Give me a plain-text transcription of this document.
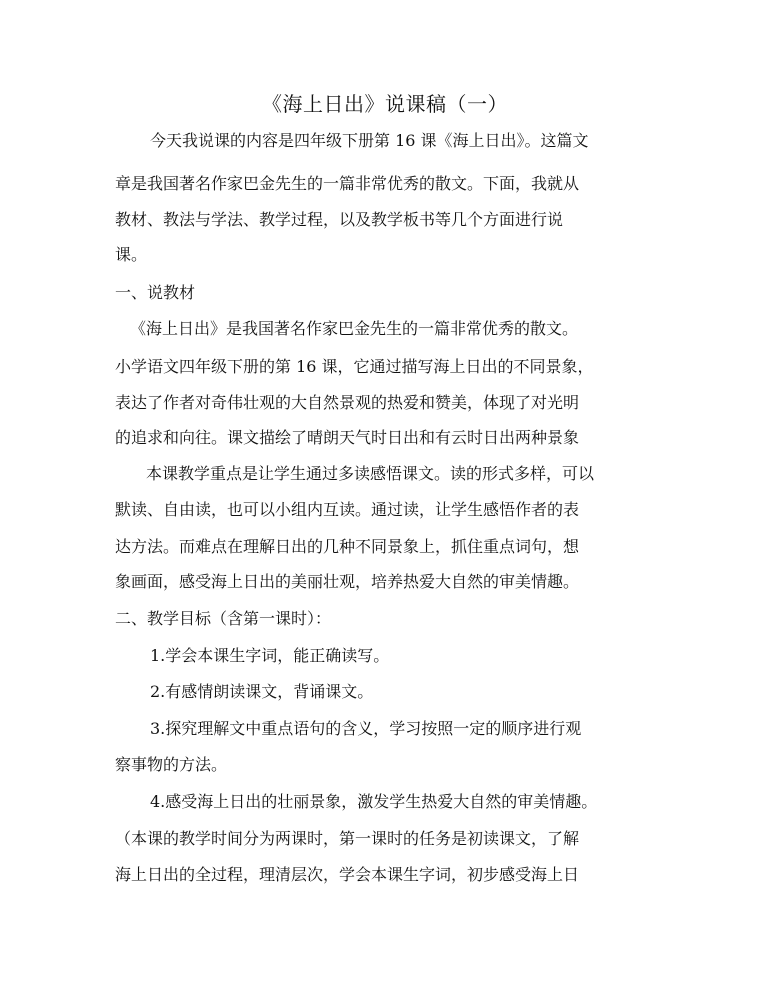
《海上日出》说课稿（一）
今天我说课的内容是四年级下册第 16 课《海上日出》。这篇文
章是我国著名作家巴金先生的一篇非常优秀的散文。下面，我就从
教材、教法与学法、教学过程，以及教学板书等几个方面进行说
课。
一、说教材
《海上日出》是我国著名作家巴金先生的一篇非常优秀的散文。
小学语文四年级下册的第 16 课，它通过描写海上日出的不同景象，
表达了作者对奇伟壮观的大自然景观的热爱和赞美，体现了对光明
的追求和向往。课文描绘了晴朗天气时日出和有云时日出两种景象
本课教学重点是让学生通过多读感悟课文。读的形式多样，可以
默读、自由读，也可以小组内互读。通过读，让学生感悟作者的表
达方法。而难点在理解日出的几种不同景象上，抓住重点词句，想
象画面，感受海上日出的美丽壮观，培养热爱大自然的审美情趣。
二、教学目标（含第一课时）：
1.学会本课生字词，能正确读写。
2.有感情朗读课文，背诵课文。
3.探究理解文中重点语句的含义，学习按照一定的顺序进行观
察事物的方法。
4.感受海上日出的壮丽景象，激发学生热爱大自然的审美情趣。
（本课的教学时间分为两课时，第一课时的任务是初读课文，了解
海上日出的全过程，理清层次，学会本课生字词，初步感受海上日
